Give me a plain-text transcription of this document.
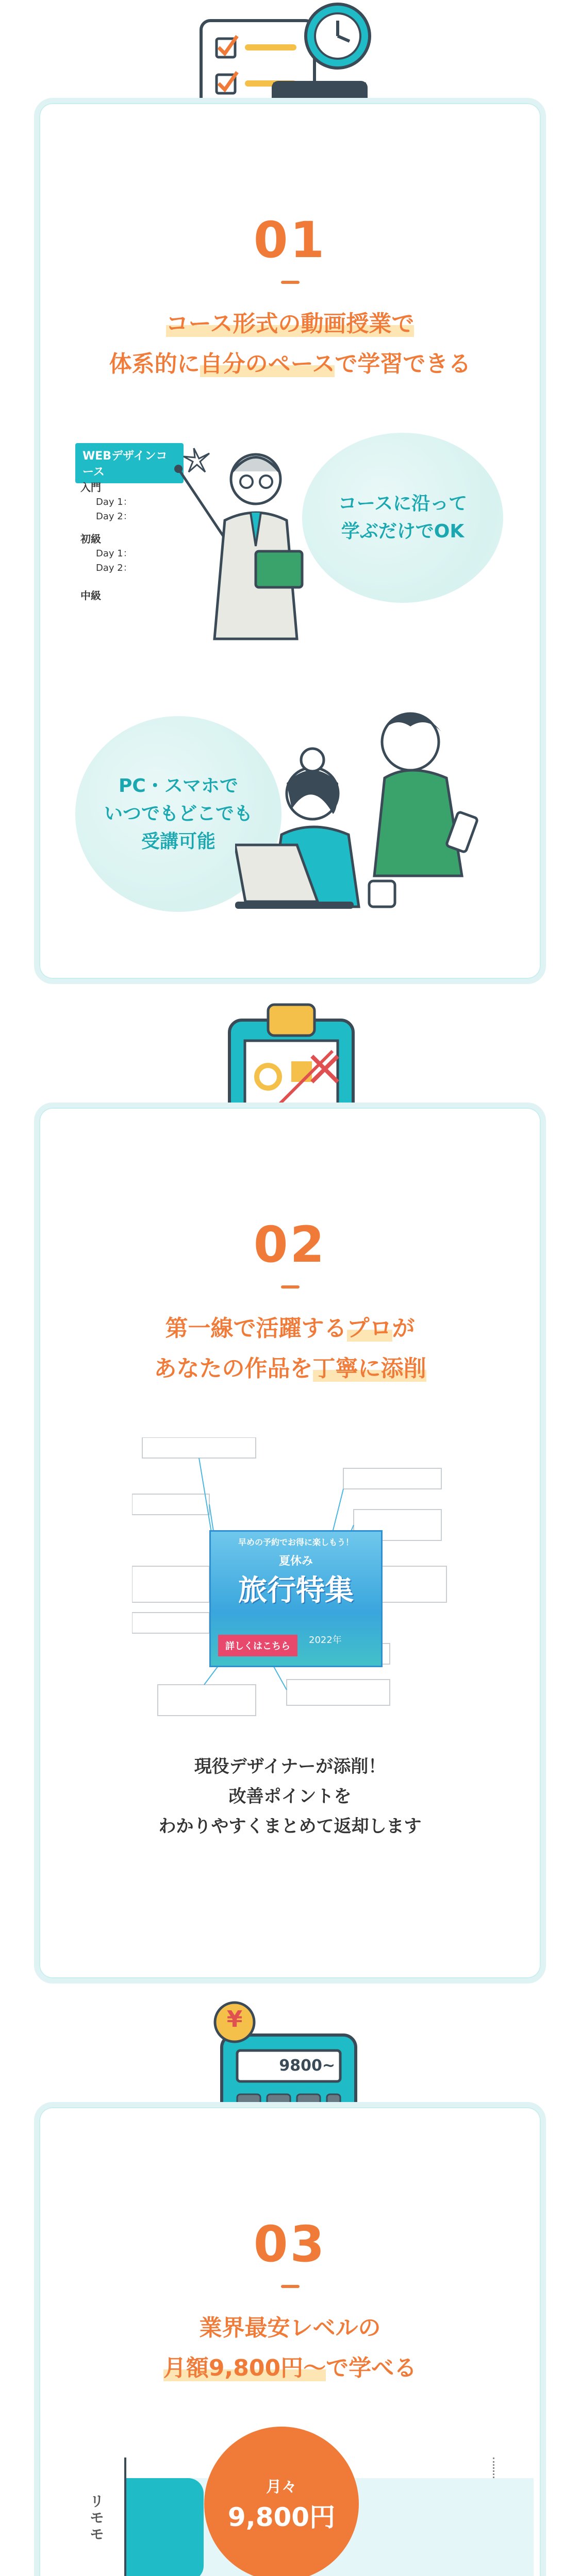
01
コース形式の動画授業で
体系的に自分のペースで学習できる
WEBデザインコース
入門
Day 1：
Day 2：
初級
Day 1：
Day 2：
中級
コースに沿って
学ぶだけでOK
PC・スマホで
いつでもどこでも
受講可能
02
第一線で活躍するプロが
あなたの作品を丁寧に添削
早めの予約でお得に楽しもう！
夏休み
旅行特集
詳しくはこちら
2022年
現役デザイナーが添削！
改善ポイントを
わかりやすくまとめて返却します
9800~
¥
03
業界最安レベルの
月額9,800円〜で学べる
リモモ
月々
9,800円
